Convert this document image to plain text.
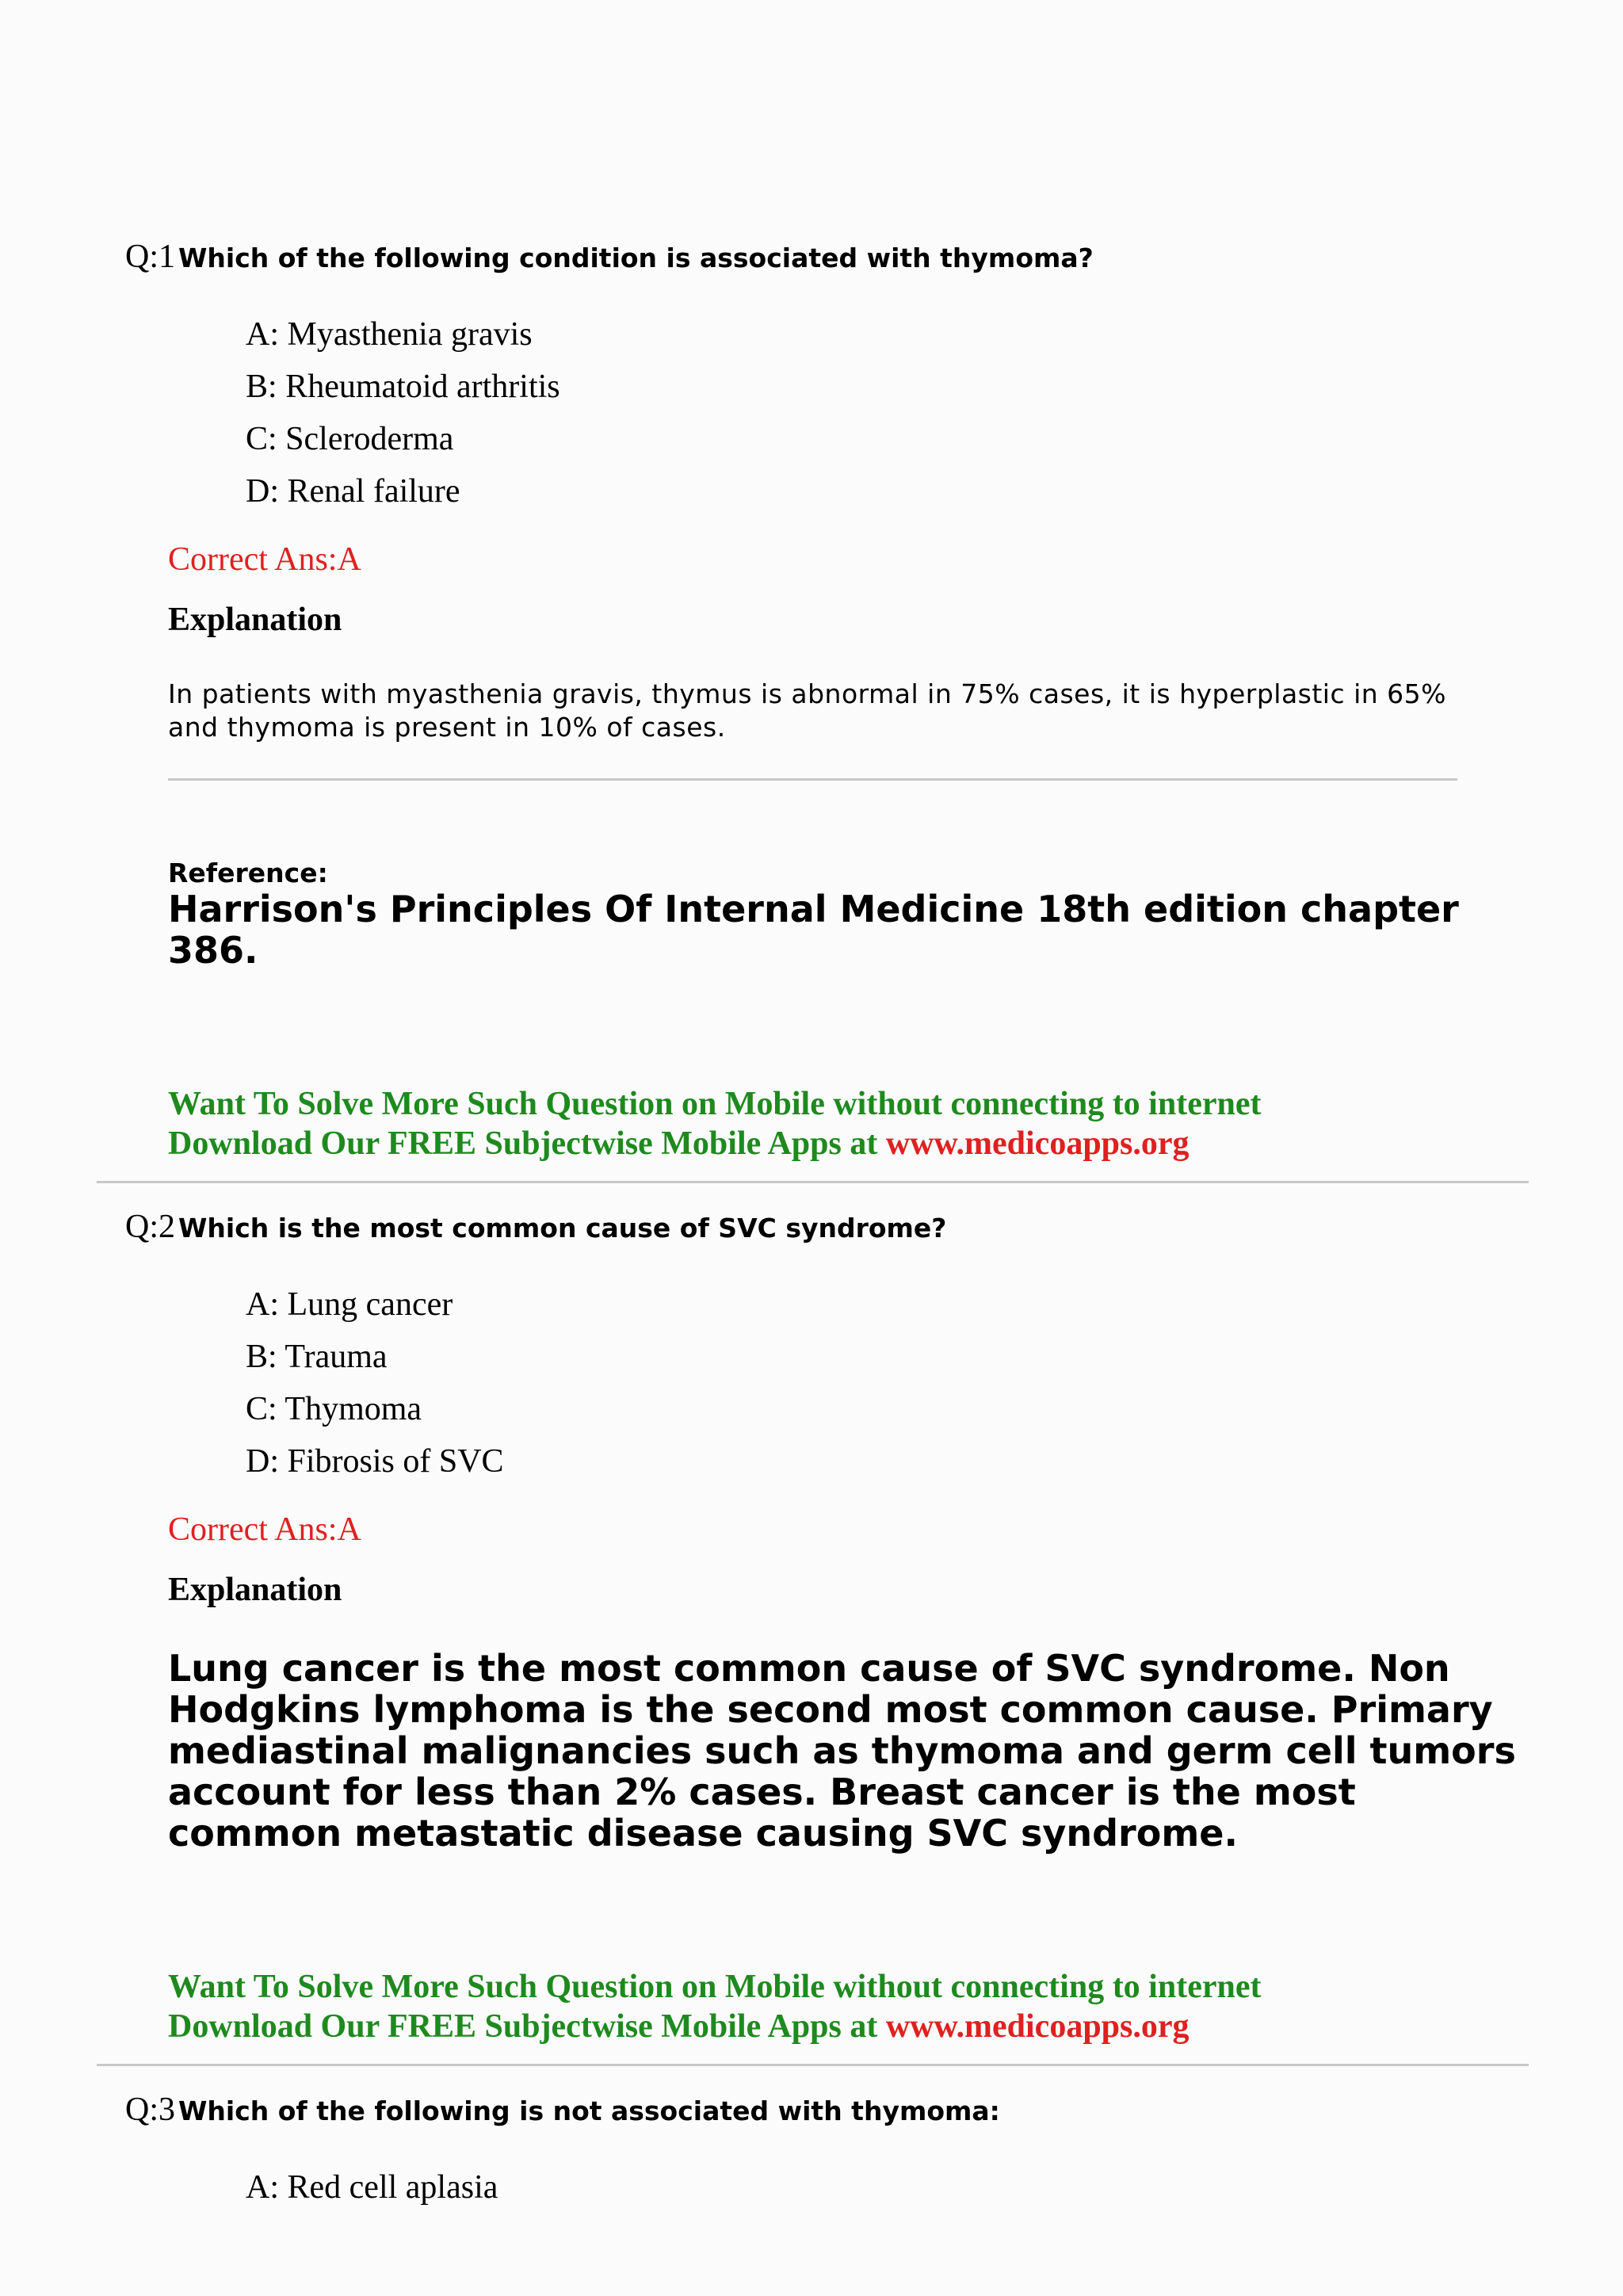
Q:1 Which of the following condition is associated with thymoma?
A: Myasthenia gravis
B: Rheumatoid arthritis
C: Scleroderma
D: Renal failure
Correct Ans:A
Explanation
In patients with myasthenia gravis, thymus is abnormal in 75% cases, it is hyperplastic in 65%
and thymoma is present in 10% of cases.
Reference:
Harrison's Principles Of Internal Medicine 18th edition chapter
386.
Want To Solve More Such Question on Mobile without connecting to internet
Download Our FREE Subjectwise Mobile Apps at www.medicoapps.org
Q:2 Which is the most common cause of SVC syndrome?
A: Lung cancer
B: Trauma
C: Thymoma
D: Fibrosis of SVC
Correct Ans:A
Explanation
Lung cancer is the most common cause of SVC syndrome. Non
Hodgkins lymphoma is the second most common cause. Primary
mediastinal malignancies such as thymoma and germ cell tumors
account for less than 2% cases. Breast cancer is the most
common metastatic disease causing SVC syndrome.
Want To Solve More Such Question on Mobile without connecting to internet
Download Our FREE Subjectwise Mobile Apps at www.medicoapps.org
Q:3 Which of the following is not associated with thymoma:
A: Red cell aplasia
